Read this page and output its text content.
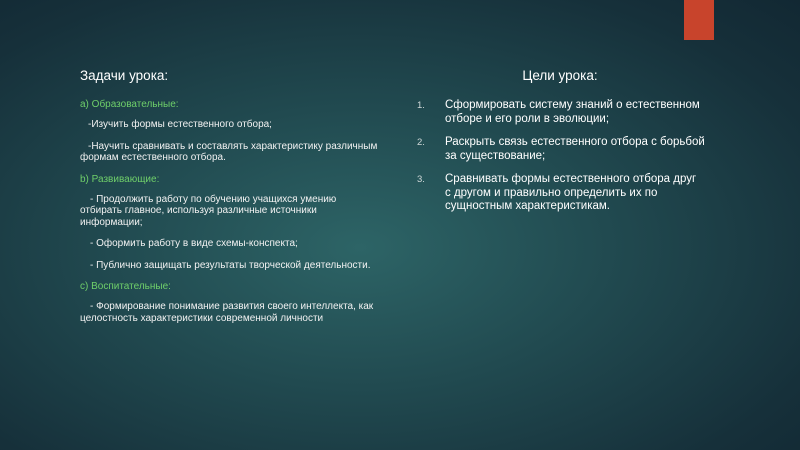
Задачи урока:
a) Образовательные:
-Изучить формы естественного отбора;
-Научить сравнивать и составлять характеристику различным формам естественного отбора.
b) Развивающие:
- Продолжить работу по обучению учащихся умению отбирать главное, используя различные источники информации;
- Оформить работу в виде схемы-конспекта;
- Публично защищать результаты творческой деятельности.
c) Воспитательные:
- Формирование понимание развития своего интеллекта, как целостность характеристики современной личности
Цели урока:
1. Сформировать систему знаний о естественном отборе и его роли в эволюции;
2. Раскрыть связь естественного отбора с борьбой за существование;
3. Сравнивать формы естественного отбора друг с другом и правильно определить их по сущностным характеристикам.
